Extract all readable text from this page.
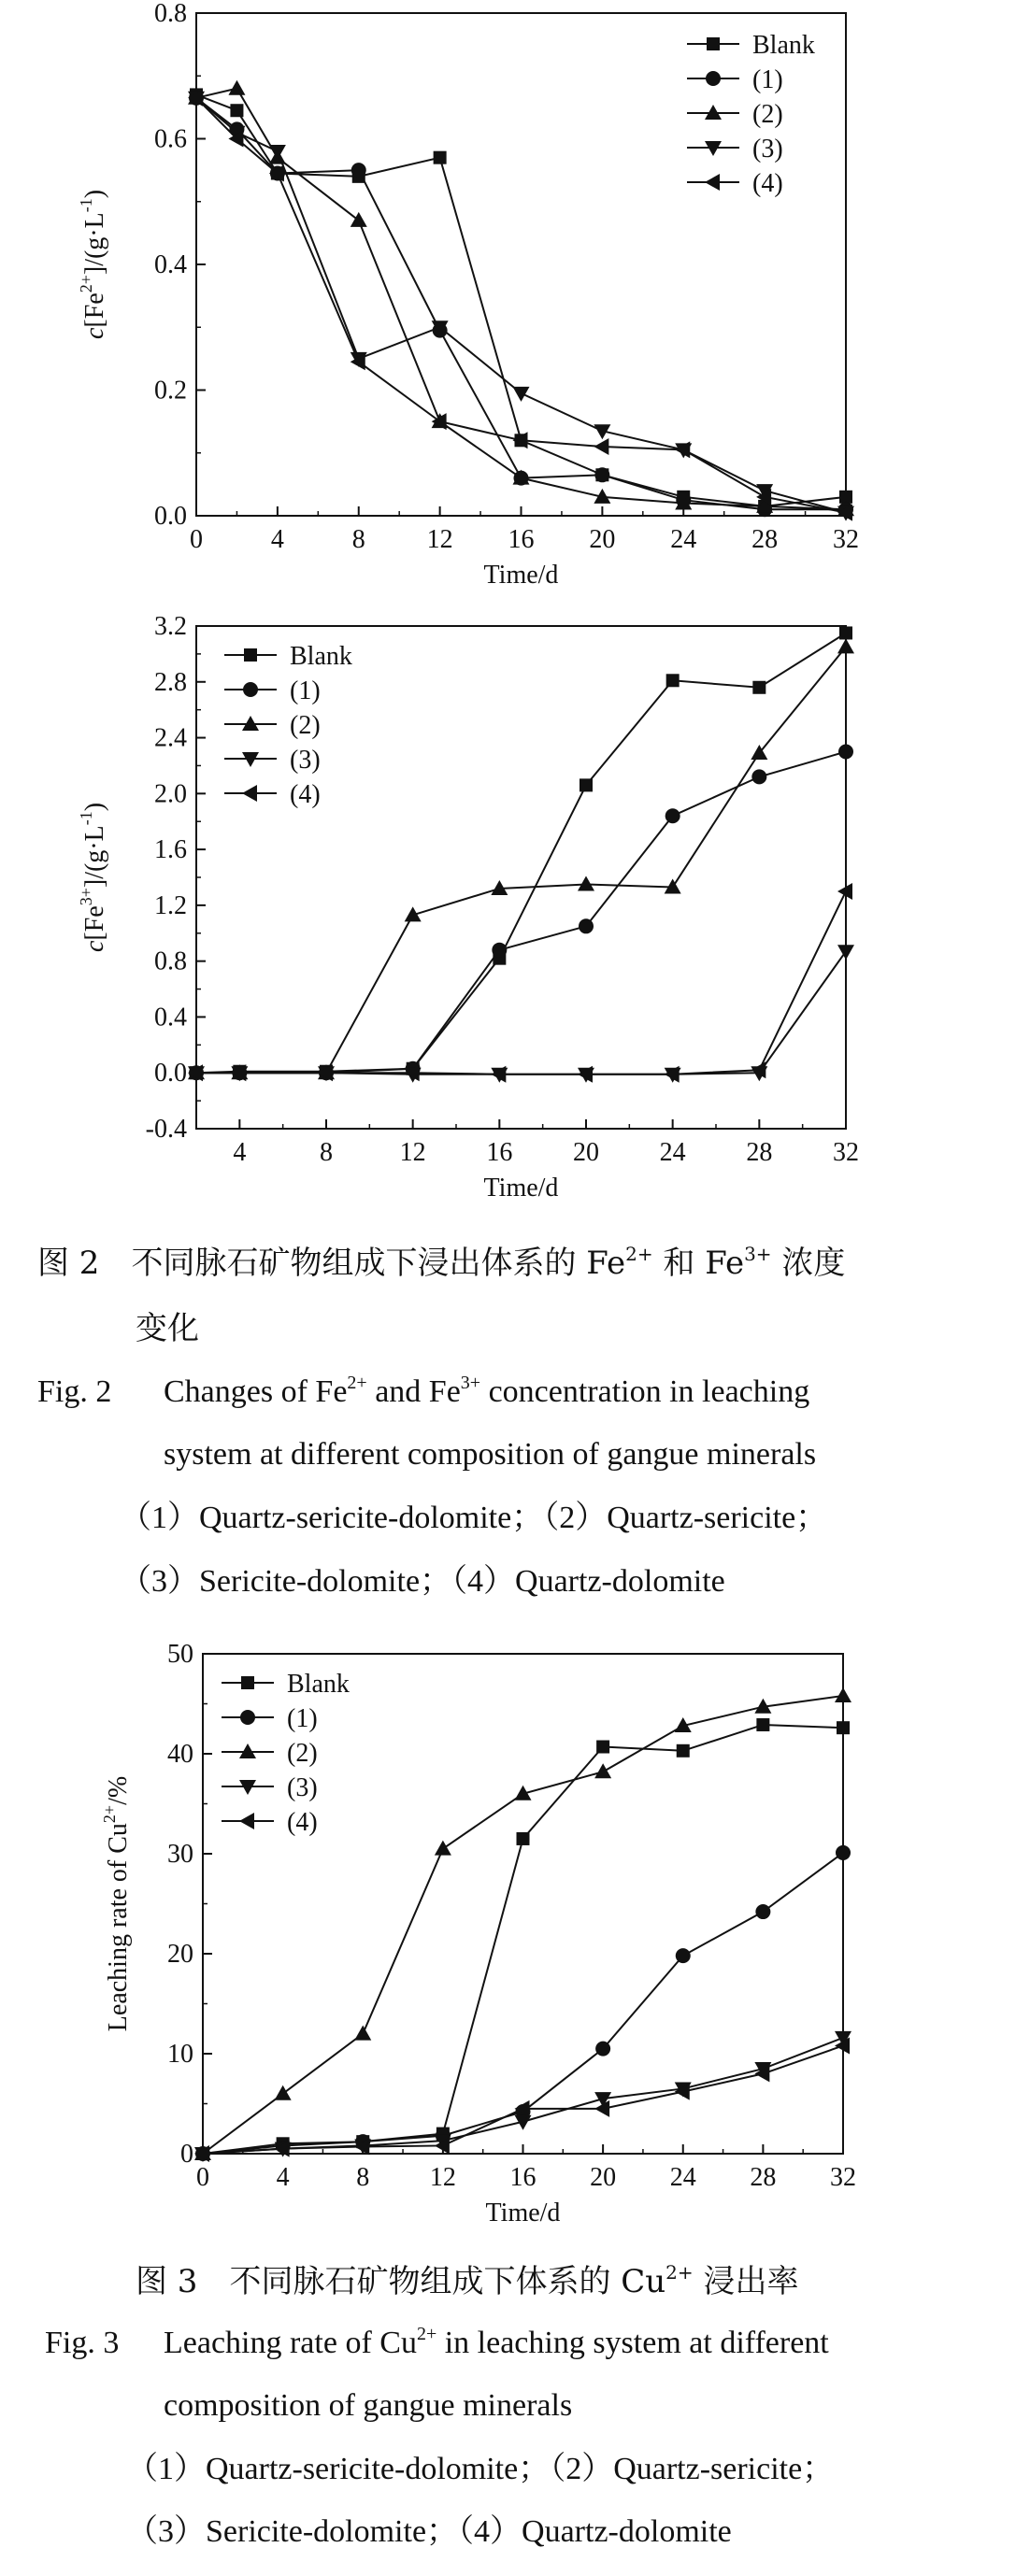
0	4	8 12 16 20 24 28 32
0.0
0.2
0.4
0.6
0.8
Time/d
$c[Fe^{2+}]/(g\cdot L^{-1})$
Blank
(1)
(2)
(3)
(4)
4	8	12 16 20 24 28 32
-0.4
0.0
0.4
0.8
1.2
1.6
2.0
2.4
2.8
3.2
Time/d
$c[Fe^{3+}]/(g\cdot L^{-1})$
Blank
(1)
(2)
(3)
(4)
图 2　不同脉石矿物组成下浸出体系的 $Fe^{2+}$ 和 $Fe^{3+}$ 浓度
变化
Fig. 2 Changes of $Fe^{2+}$ and $Fe^{3+}$ concentration in leaching
system at different composition of gangue minerals
（1）Quartz-sericite-dolomite；（2）Quartz-sericite；
（3）Sericite-dolomite；（4）Quartz-dolomite
0	4	8 12 16 20 24 28 32
0
10
20
30
40
50
Time/d
Leaching rate of $Cu^{2+}/\%$
Blank
(1)
(2)
(3)
(4)
图 3　不同脉石矿物组成下体系的 $Cu^{2+}$ 浸出率
Fig. 3 Leaching rate of $Cu^{2+}$ in leaching system at different
composition of gangue minerals
（1）Quartz-sericite-dolomite；（2）Quartz-sericite；
（3）Sericite-dolomite；（4）Quartz-dolomite
